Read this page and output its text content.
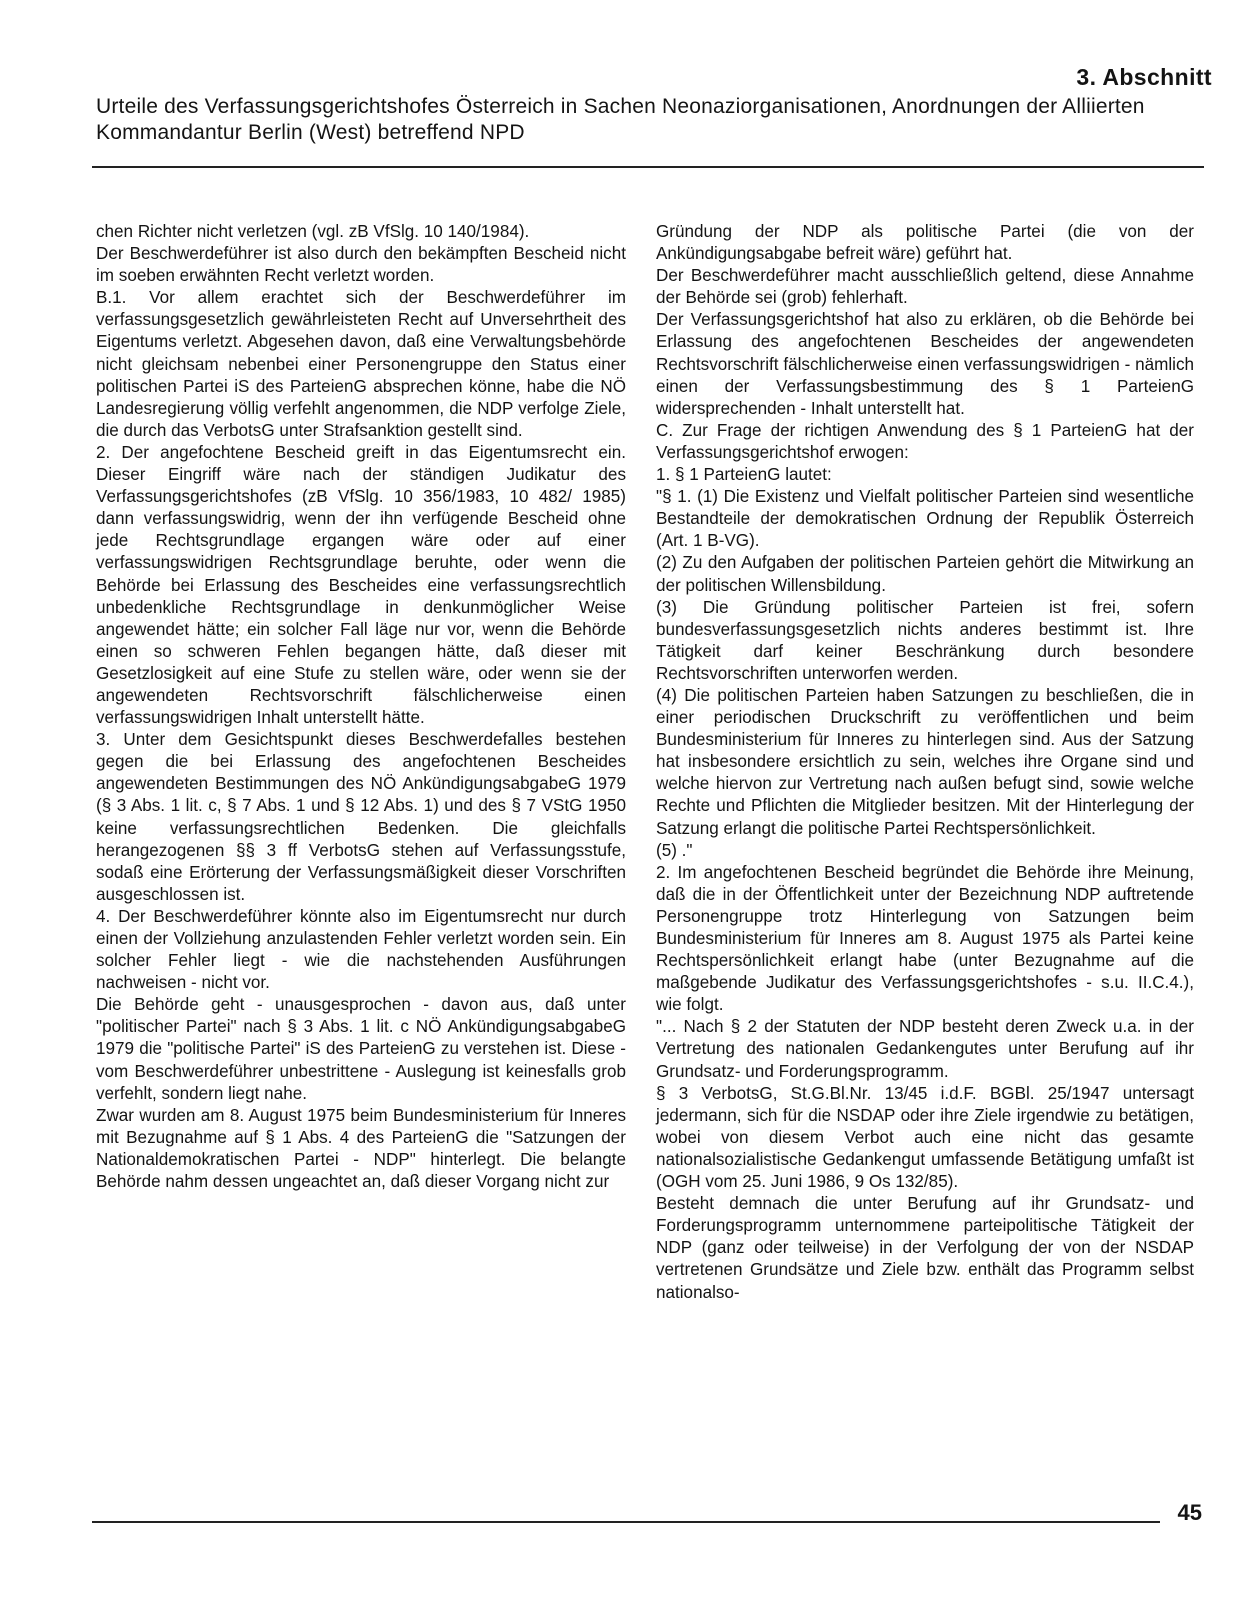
3. Abschnitt
Urteile des Verfassungsgerichtshofes Österreich in Sachen Neonaziorganisationen, Anordnungen der Alliierten Kommandantur Berlin (West) betreffend NPD

chen Richter nicht verletzen (vgl. zB VfSlg. 10 140/1984).

Der Beschwerdeführer ist also durch den bekämpften Bescheid nicht im soeben erwähnten Recht verletzt worden.

B.1. Vor allem erachtet sich der Beschwerdeführer im verfassungsgesetzlich gewährleisteten Recht auf Unversehrtheit des Eigentums verletzt. Abgesehen davon, daß eine Verwaltungsbehörde nicht gleichsam nebenbei einer Personengruppe den Status einer politischen Partei iS des ParteienG absprechen könne, habe die NÖ Landesregierung völlig verfehlt angenommen, die NDP verfolge Ziele, die durch das VerbotsG unter Strafsanktion gestellt sind.

2. Der angefochtene Bescheid greift in das Eigentumsrecht ein. Dieser Eingriff wäre nach der ständigen Judikatur des Verfassungsgerichtshofes (zB VfSlg. 10 356/1983, 10 482/ 1985) dann verfassungswidrig, wenn der ihn verfügende Bescheid ohne jede Rechtsgrundlage ergangen wäre oder auf einer verfassungswidrigen Rechtsgrundlage beruhte, oder wenn die Behörde bei Erlassung des Bescheides eine verfassungsrechtlich unbedenkliche Rechtsgrundlage in denkunmöglicher Weise angewendet hätte; ein solcher Fall läge nur vor, wenn die Behörde einen so schweren Fehlen begangen hätte, daß dieser mit Gesetzlosigkeit auf eine Stufe zu stellen wäre, oder wenn sie der angewendeten Rechtsvorschrift fälschlicherweise einen verfassungswidrigen Inhalt unterstellt hätte.

3. Unter dem Gesichtspunkt dieses Beschwerdefalles bestehen gegen die bei Erlassung des angefochtenen Bescheides angewendeten Bestimmungen des NÖ AnkündigungsabgabeG 1979 (§ 3 Abs. 1 lit. c, § 7 Abs. 1 und § 12 Abs. 1) und des § 7 VStG 1950 keine verfassungsrechtlichen Bedenken. Die gleichfalls herangezogenen §§ 3 ff VerbotsG stehen auf Verfassungsstufe, sodaß eine Erörterung der Verfassungsmäßigkeit dieser Vorschriften ausgeschlossen ist.

4. Der Beschwerdeführer könnte also im Eigentumsrecht nur durch einen der Vollziehung anzulastenden Fehler verletzt worden sein. Ein solcher Fehler liegt - wie die nachstehenden Ausführungen nachweisen - nicht vor.

Die Behörde geht - unausgesprochen - davon aus, daß unter "politischer Partei" nach § 3 Abs. 1 lit. c NÖ AnkündigungsabgabeG 1979 die "politische Partei" iS des ParteienG zu verstehen ist. Diese - vom Beschwerdeführer unbestrittene - Auslegung ist keinesfalls grob verfehlt, sondern liegt nahe.

Zwar wurden am 8. August 1975 beim Bundesministerium für Inneres mit Bezugnahme auf § 1 Abs. 4 des ParteienG die "Satzungen der Nationaldemokratischen Partei - NDP" hinterlegt. Die belangte Behörde nahm dessen ungeachtet an, daß dieser Vorgang nicht zur

Gründung der NDP als politische Partei (die von der Ankündigungsabgabe befreit wäre) geführt hat.

Der Beschwerdeführer macht ausschließlich geltend, diese Annahme der Behörde sei (grob) fehlerhaft.

Der Verfassungsgerichtshof hat also zu erklären, ob die Behörde bei Erlassung des angefochtenen Bescheides der angewendeten Rechtsvorschrift fälschlicherweise einen verfassungswidrigen - nämlich einen der Verfassungsbestimmung des § 1 ParteienG widersprechenden - Inhalt unterstellt hat.

C. Zur Frage der richtigen Anwendung des § 1 ParteienG hat der Verfassungsgerichtshof erwogen:

1. § 1 ParteienG lautet:

"§ 1. (1) Die Existenz und Vielfalt politischer Parteien sind wesentliche Bestandteile der demokratischen Ordnung der Republik Österreich (Art. 1 B-VG).

(2) Zu den Aufgaben der politischen Parteien gehört die Mitwirkung an der politischen Willensbildung.

(3) Die Gründung politischer Parteien ist frei, sofern bundesverfassungsgesetzlich nichts anderes bestimmt ist. Ihre Tätigkeit darf keiner Beschränkung durch besondere Rechtsvorschriften unterworfen werden.

(4) Die politischen Parteien haben Satzungen zu beschließen, die in einer periodischen Druckschrift zu veröffentlichen und beim Bundesministerium für Inneres zu hinterlegen sind. Aus der Satzung hat insbesondere ersichtlich zu sein, welches ihre Organe sind und welche hiervon zur Vertretung nach außen befugt sind, sowie welche Rechte und Pflichten die Mitglieder besitzen. Mit der Hinterlegung der Satzung erlangt die politische Partei Rechtspersönlichkeit.

(5) ."

2. Im angefochtenen Bescheid begründet die Behörde ihre Meinung, daß die in der Öffentlichkeit unter der Bezeichnung NDP auftretende Personengruppe trotz Hinterlegung von Satzungen beim Bundesministerium für Inneres am 8. August 1975 als Partei keine Rechtspersönlichkeit erlangt habe (unter Bezugnahme auf die maßgebende Judikatur des Verfassungsgerichtshofes - s.u. II.C.4.), wie folgt.

"... Nach § 2 der Statuten der NDP besteht deren Zweck u.a. in der Vertretung des nationalen Gedankengutes unter Berufung auf ihr Grundsatz- und Forderungsprogramm.

§ 3 VerbotsG, St.G.Bl.Nr. 13/45 i.d.F. BGBl. 25/1947 untersagt jedermann, sich für die NSDAP oder ihre Ziele irgendwie zu betätigen, wobei von diesem Verbot auch eine nicht das gesamte nationalsozialistische Gedankengut umfassende Betätigung umfaßt ist (OGH vom 25. Juni 1986, 9 Os 132/85).

Besteht demnach die unter Berufung auf ihr Grundsatz- und Forderungsprogramm unternommene parteipolitische Tätigkeit der NDP (ganz oder teilweise) in der Verfolgung der von der NSDAP vertretenen Grundsätze und Ziele bzw. enthält das Programm selbst nationalso-

45
